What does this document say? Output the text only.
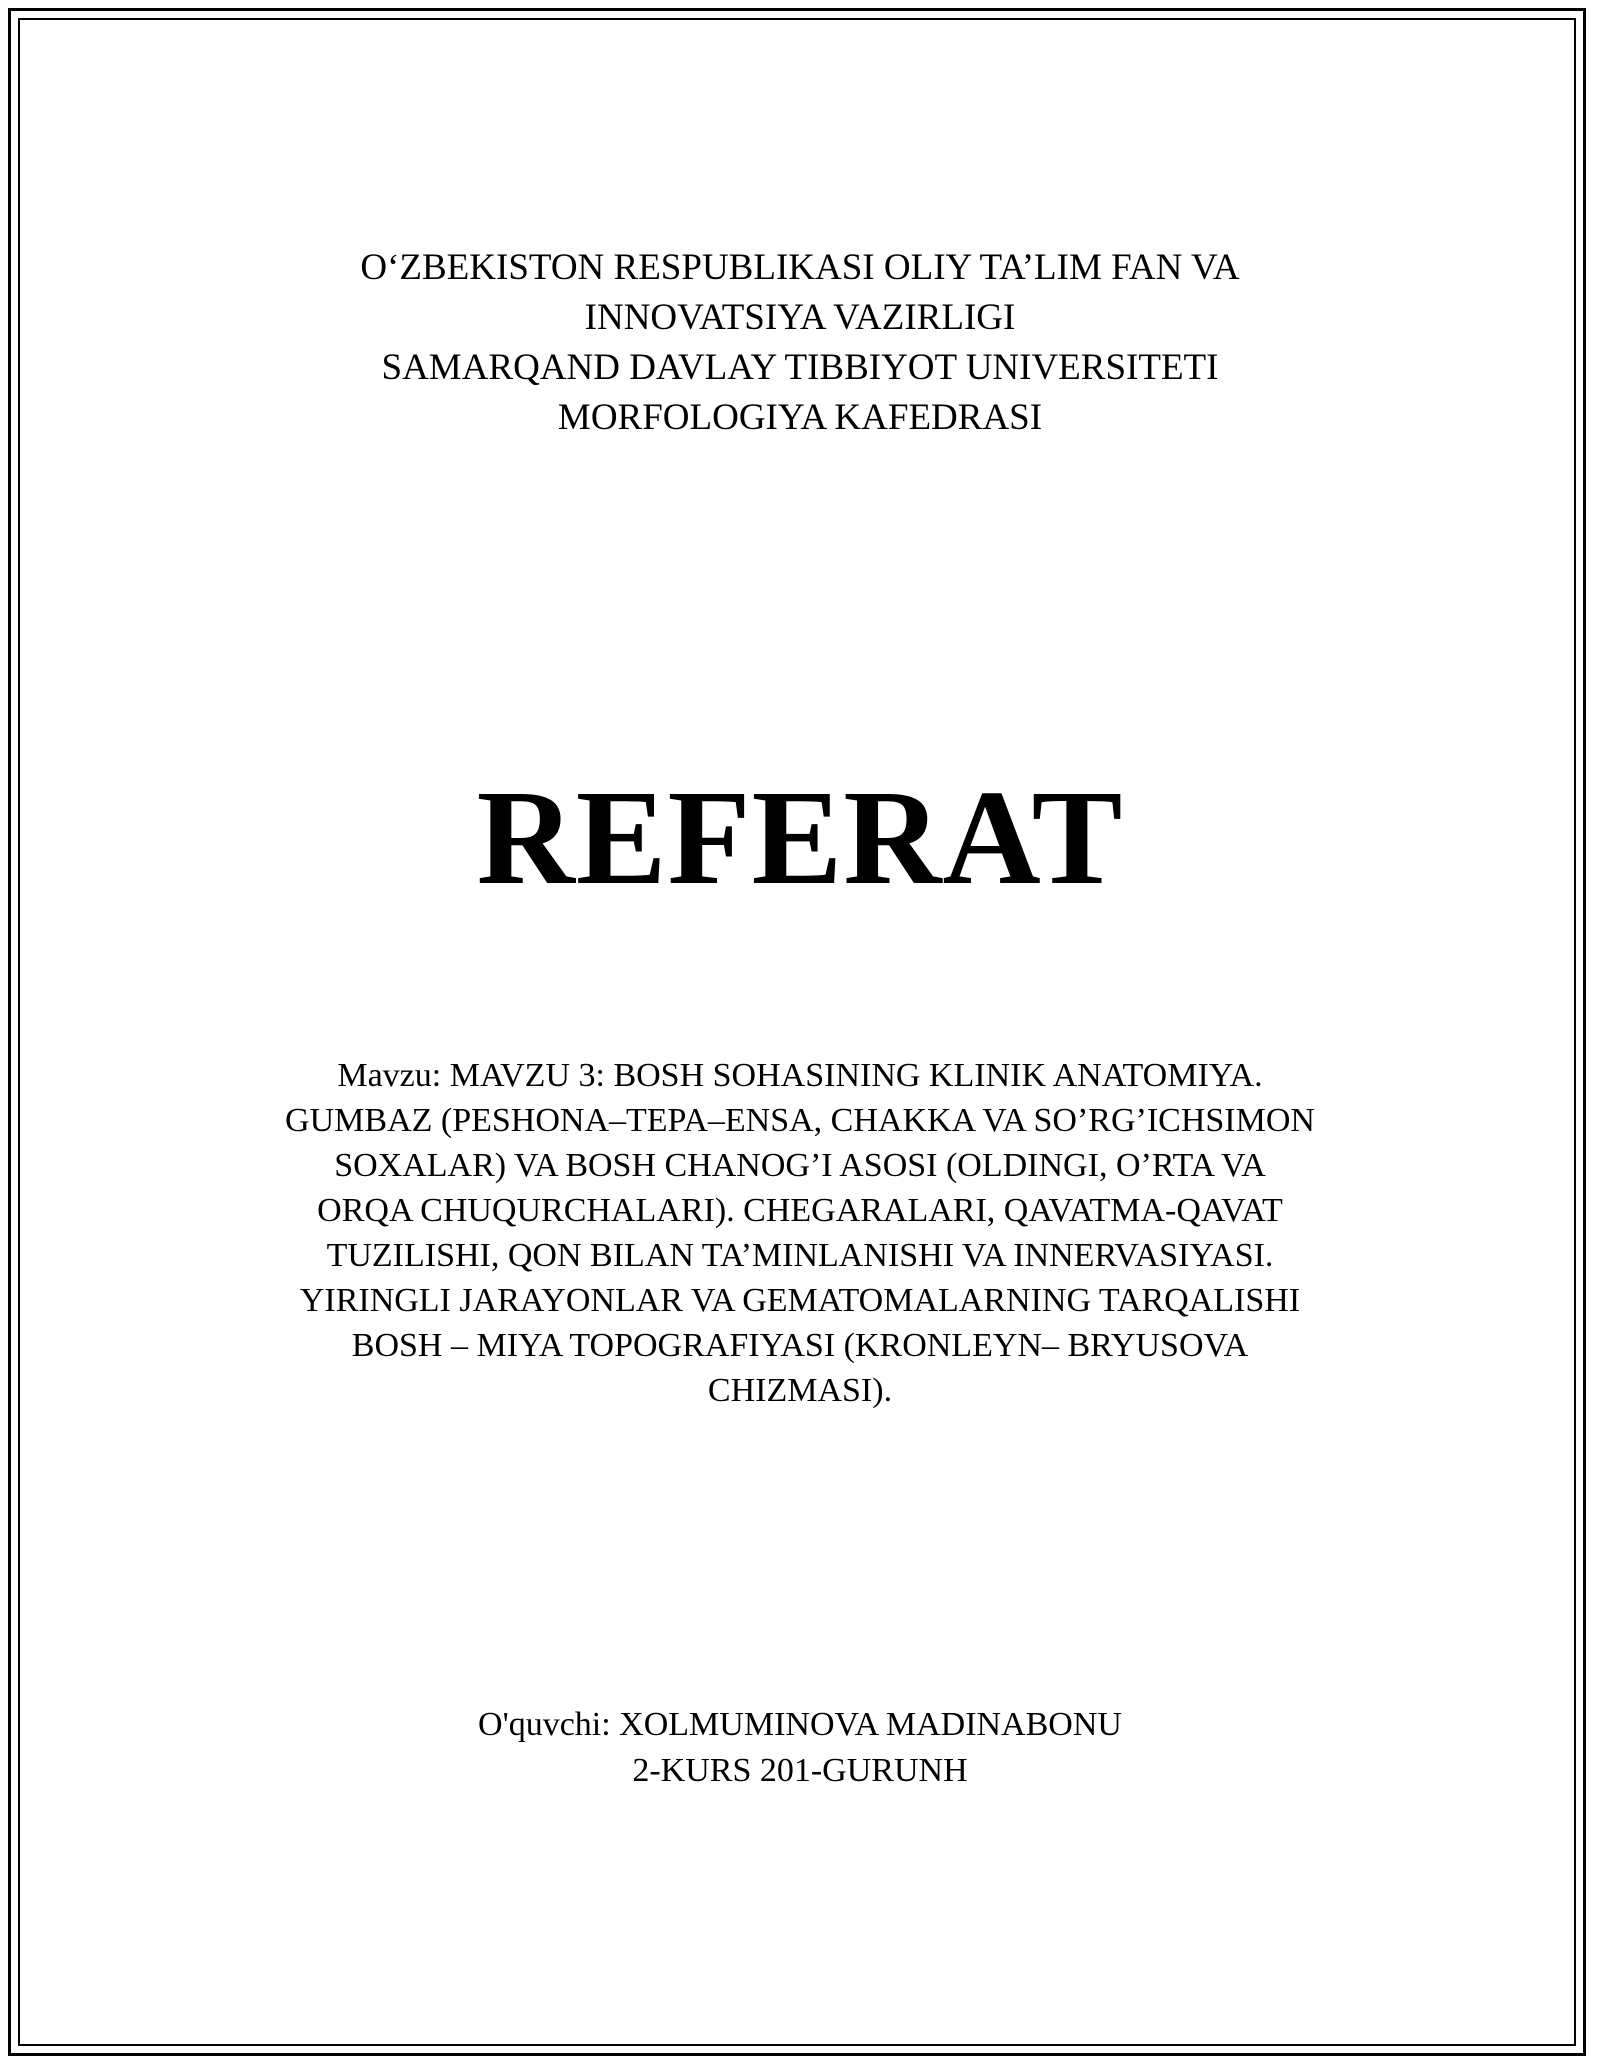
O‘ZBEKISTON RESPUBLIKASI OLIY TA’LIM FAN VA
INNOVATSIYA VAZIRLIGI
SAMARQAND DAVLAY TIBBIYOT UNIVERSITETI
MORFOLOGIYA KAFEDRASI
REFERAT
Mavzu: MAVZU 3: BOSH SOHASINING KLINIK ANATOMIYA.
GUMBAZ (PESHONA–TEPA–ENSA, CHAKKA VA SO’RG’ICHSIMON
SOXALAR) VA BOSH CHANOG’I ASOSI (OLDINGI, O’RTA VA
ORQA CHUQURCHALARI). CHEGARALARI, QAVATMA-QAVAT
TUZILISHI, QON BILAN TA’MINLANISHI VA INNERVASIYASI.
YIRINGLI JARAYONLAR VA GEMATOMALARNING TARQALISHI
BOSH – MIYA TOPOGRAFIYASI (KRONLEYN– BRYUSOVA
CHIZMASI).
O'quvchi: XOLMUMINOVA MADINABONU
2-KURS 201-GURUNH
